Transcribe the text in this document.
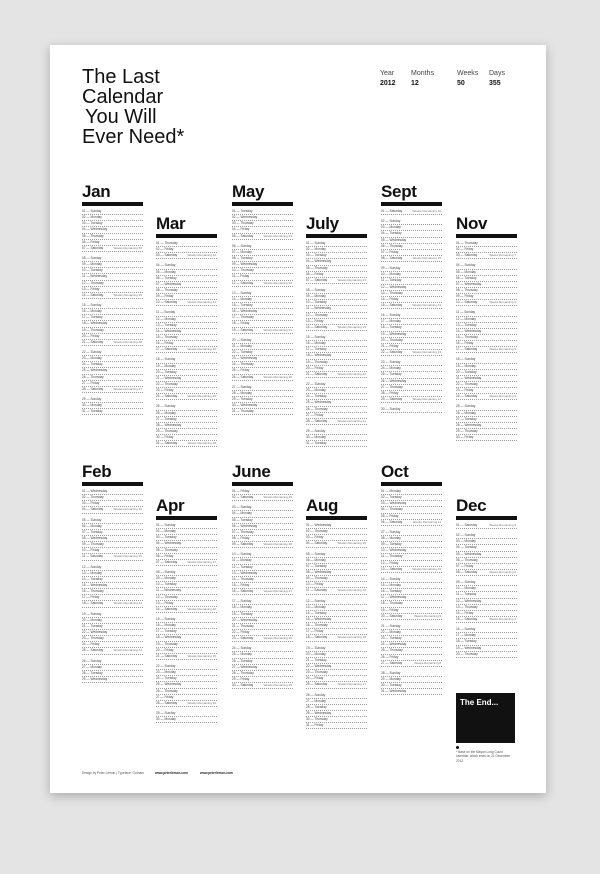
The Last
Calendar
You Will
Ever Need*
Year
2012
Months
12
Weeks
50
Days
355
Jan
01 — Sunday
02 — Monday
03 — Tuesday
04 — Wednesday
05 — Thursday
06 — Friday
07 — Saturday	Weeks Remaining 50
08 — Sunday
09 — Monday
10 — Tuesday
11 — Wednesday
12 — Thursday
13 — Friday
14 — Saturday	Weeks Remaining 49
15 — Sunday
16 — Monday
17 — Tuesday
18 — Wednesday
19 — Thursday
20 — Friday
21 — Saturday	Weeks Remaining 48
22 — Sunday
23 — Monday
24 — Tuesday
25 — Wednesday
26 — Thursday
27 — Friday
28 — Saturday	Weeks Remaining 47
29 — Sunday
30 — Monday
31 — Tuesday
Feb
01 — Wednesday
02 — Thursday
03 — Friday
04 — Saturday	Weeks Remaining 46
05 — Sunday
06 — Monday
07 — Tuesday
08 — Wednesday
09 — Thursday
10 — Friday
11 — Saturday	Weeks Remaining 45
12 — Sunday
13 — Monday
14 — Tuesday
15 — Wednesday
16 — Thursday
17 — Friday
18 — Saturday	Weeks Remaining 44
19 — Sunday
20 — Monday
21 — Tuesday
22 — Wednesday
23 — Thursday
24 — Friday
25 — Saturday	Weeks Remaining 43
26 — Sunday
27 — Monday
28 — Tuesday
29 — Wednesday
Mar
01 — Thursday
02 — Friday
03 — Saturday	Weeks Remaining 42
04 — Sunday
05 — Monday
06 — Tuesday
07 — Wednesday
08 — Thursday
09 — Friday
10 — Saturday	Weeks Remaining 41
11 — Sunday
12 — Monday
13 — Tuesday
14 — Wednesday
15 — Thursday
16 — Friday
17 — Saturday	Weeks Remaining 40
18 — Sunday
19 — Monday
20 — Tuesday
21 — Wednesday
22 — Thursday
23 — Friday
24 — Saturday	Weeks Remaining 39
25 — Sunday
26 — Monday
27 — Tuesday
28 — Wednesday
29 — Thursday
30 — Friday
31 — Saturday	Weeks Remaining 38
Apr
01 — Sunday
02 — Monday
03 — Tuesday
04 — Wednesday
05 — Thursday
06 — Friday
07 — Saturday	Weeks Remaining 37
08 — Sunday
09 — Monday
10 — Tuesday
11 — Wednesday
12 — Thursday
13 — Friday
14 — Saturday	Weeks Remaining 36
15 — Sunday
16 — Monday
17 — Tuesday
18 — Wednesday
19 — Thursday
20 — Friday
21 — Saturday	Weeks Remaining 35
22 — Sunday
23 — Monday
24 — Tuesday
25 — Wednesday
26 — Thursday
27 — Friday
28 — Saturday	Weeks Remaining 34
29 — Sunday
30 — Monday
May
01 — Tuesday
02 — Wednesday
03 — Thursday
04 — Friday
05 — Saturday	Weeks Remaining 33
06 — Sunday
07 — Monday
08 — Tuesday
09 — Wednesday
10 — Thursday
11 — Friday
12 — Saturday	Weeks Remaining 32
13 — Sunday
14 — Monday
15 — Tuesday
16 — Wednesday
17 — Thursday
18 — Friday
19 — Saturday	Weeks Remaining 31
20 — Sunday
21 — Monday
22 — Tuesday
23 — Wednesday
24 — Thursday
25 — Friday
26 — Saturday	Weeks Remaining 30
27 — Sunday
28 — Monday
29 — Tuesday
30 — Wednesday
31 — Thursday
June
01 — Friday
02 — Saturday	Weeks Remaining 29
03 — Sunday
04 — Monday
05 — Tuesday
06 — Wednesday
07 — Thursday
08 — Friday
09 — Saturday	Weeks Remaining 28
10 — Sunday
11 — Monday
12 — Tuesday
13 — Wednesday
14 — Thursday
15 — Friday
16 — Saturday	Weeks Remaining 27
17 — Sunday
18 — Monday
19 — Tuesday
20 — Wednesday
21 — Thursday
22 — Friday
23 — Saturday	Weeks Remaining 26
24 — Sunday
25 — Monday
26 — Tuesday
27 — Wednesday
28 — Thursday
29 — Friday
30 — Saturday	Weeks Remaining 25
July
01 — Sunday
02 — Monday
03 — Tuesday
04 — Wednesday
05 — Thursday
06 — Friday
07 — Saturday	Weeks Remaining 24
08 — Sunday
09 — Monday
10 — Tuesday
11 — Wednesday
12 — Thursday
13 — Friday
14 — Saturday	Weeks Remaining 23
15 — Sunday
16 — Monday
17 — Tuesday
18 — Wednesday
19 — Thursday
20 — Friday
21 — Saturday	Weeks Remaining 22
22 — Sunday
23 — Monday
24 — Tuesday
25 — Wednesday
26 — Thursday
27 — Friday
28 — Saturday	Weeks Remaining 21
29 — Sunday
30 — Monday
31 — Tuesday
Aug
01 — Wednesday
02 — Thursday
03 — Friday
04 — Saturday	Weeks Remaining 20
05 — Sunday
06 — Monday
07 — Tuesday
08 — Wednesday
09 — Thursday
10 — Friday
11 — Saturday	Weeks Remaining 19
12 — Sunday
13 — Monday
14 — Tuesday
15 — Wednesday
16 — Thursday
17 — Friday
18 — Saturday	Weeks Remaining 18
19 — Sunday
20 — Monday
21 — Tuesday
22 — Wednesday
23 — Thursday
24 — Friday
25 — Saturday	Weeks Remaining 17
26 — Sunday
27 — Monday
28 — Tuesday
29 — Wednesday
30 — Thursday
31 — Friday
Sept
01 — Saturday	Weeks Remaining 16
02 — Sunday
03 — Monday
04 — Tuesday
05 — Wednesday
06 — Thursday
07 — Friday
08 — Saturday	Weeks Remaining 15
09 — Sunday
10 — Monday
11 — Tuesday
12 — Wednesday
13 — Thursday
14 — Friday
15 — Saturday	Weeks Remaining 14
16 — Sunday
17 — Monday
18 — Tuesday
19 — Wednesday
20 — Thursday
21 — Friday
22 — Saturday	Weeks Remaining 13
23 — Sunday
24 — Monday
25 — Tuesday
26 — Wednesday
27 — Thursday
28 — Friday
29 — Saturday	Weeks Remaining 12
30 — Sunday
Oct
01 — Monday
02 — Tuesday
03 — Wednesday
04 — Thursday
05 — Friday
06 — Saturday	Weeks Remaining 11
07 — Sunday
08 — Monday
09 — Tuesday
10 — Wednesday
11 — Thursday
12 — Friday
13 — Saturday	Weeks Remaining 10
14 — Sunday
15 — Monday
16 — Tuesday
17 — Wednesday
18 — Thursday
19 — Friday
20 — Saturday	Weeks Remaining 9
21 — Sunday
22 — Monday
23 — Tuesday
24 — Wednesday
25 — Thursday
26 — Friday
27 — Saturday	Weeks Remaining 8
28 — Sunday
29 — Monday
30 — Tuesday
31 — Wednesday
Nov
01 — Thursday
02 — Friday
03 — Saturday	Weeks Remaining 7
04 — Sunday
05 — Monday
06 — Tuesday
07 — Wednesday
08 — Thursday
09 — Friday
10 — Saturday	Weeks Remaining 6
11 — Sunday
12 — Monday
13 — Tuesday
14 — Wednesday
15 — Thursday
16 — Friday
17 — Saturday	Weeks Remaining 5
18 — Sunday
19 — Monday
20 — Tuesday
21 — Wednesday
22 — Thursday
23 — Friday
24 — Saturday	Weeks Remaining 4
25 — Sunday
26 — Monday
27 — Tuesday
28 — Wednesday
29 — Thursday
30 — Friday
Dec
01 — Saturday	Weeks Remaining 3
02 — Sunday
03 — Monday
04 — Tuesday
05 — Wednesday
06 — Thursday
07 — Friday
08 — Saturday	Weeks Remaining 2
09 — Sunday
10 — Monday
11 — Tuesday
12 — Wednesday
13 — Thursday
14 — Friday
15 — Saturday	Weeks Remaining 1
16 — Sunday
17 — Monday
18 — Tuesday
19 — Wednesday
20 — Thursday
The End...
* Base on the Mayan Long Count calendar, which ends on 21 December 2012.
Design by Peter Lemon | Typeface: Gotham	www.peterlemon.com	www.peterlemon.com
